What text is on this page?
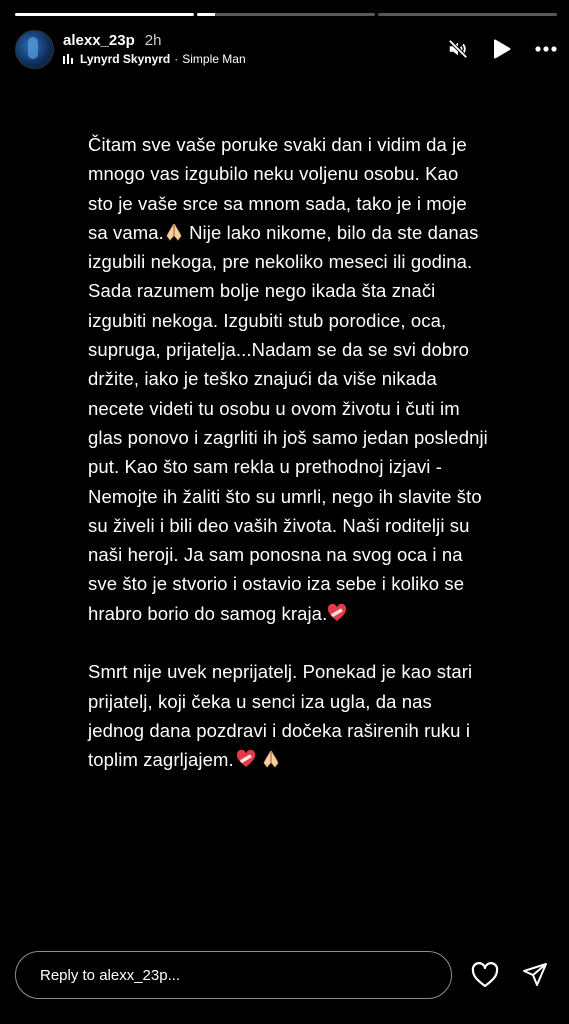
alexx_23p 2h
Lynyrd Skynyrd · Simple Man

Čitam sve vaše poruke svaki dan i vidim da je mnogo vas izgubilo neku voljenu osobu. Kao sto je vaše srce sa mnom sada, tako je i moje sa vama. Nije lako nikome, bilo da ste danas izgubili nekoga, pre nekoliko meseci ili godina. Sada razumem bolje nego ikada šta znači izgubiti nekoga. Izgubiti stub porodice, oca, supruga, prijatelja...Nadam se da se svi dobro držite, iako je teško znajući da više nikada necete videti tu osobu u ovom životu i čuti im glas ponovo i zagrliti ih još samo jedan poslednji put. Kao što sam rekla u prethodnoj izjavi - Nemojte ih žaliti što su umrli, nego ih slavite što su živeli i bili deo vaših života. Naši roditelji su naši heroji. Ja sam ponosna na svog oca i na sve što je stvorio i ostavio iza sebe i koliko se hrabro borio do samog kraja.

Smrt nije uvek neprijatelj. Ponekad je kao stari prijatelj, koji čeka u senci iza ugla, da nas jednog dana pozdravi i dočeka raširenih ruku i toplim zagrljajem.

Reply to alexx_23p...
